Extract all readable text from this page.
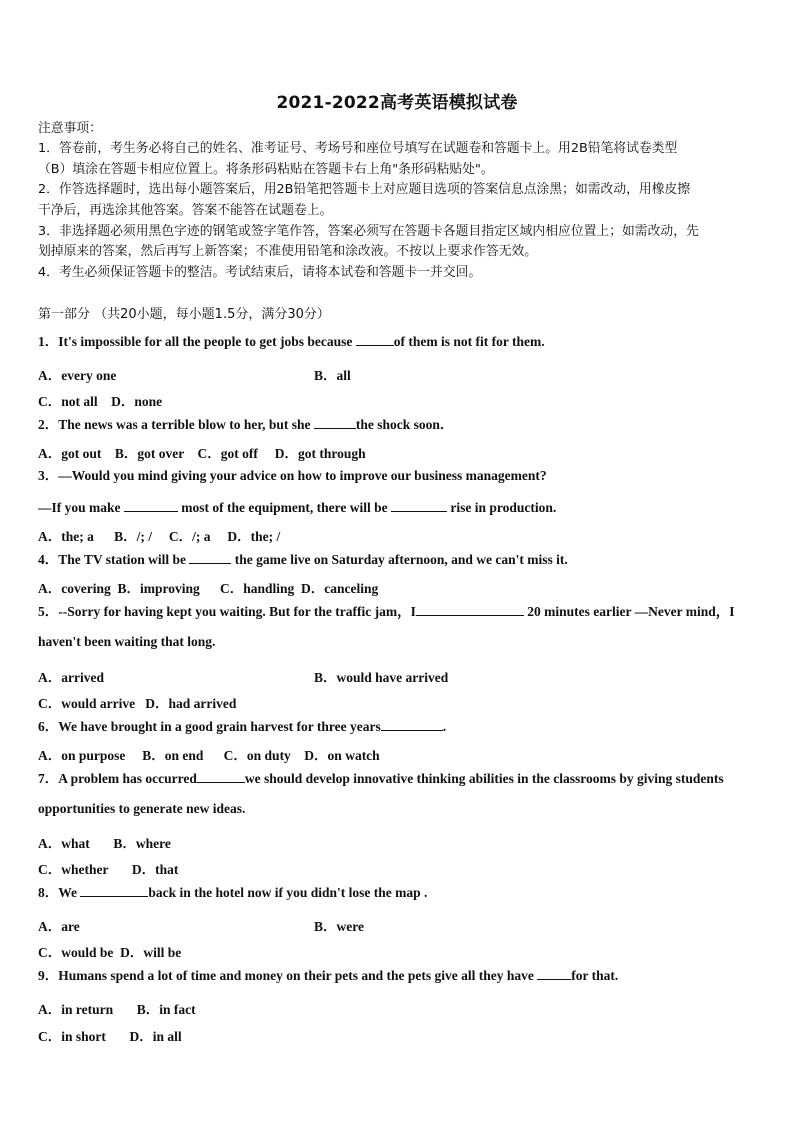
2021-2022高考英语模拟试卷
注意事项：
1．答卷前，考生务必将自己的姓名、准考证号、考场号和座位号填写在试题卷和答题卡上。用2B铅笔将试卷类型
（B）填涂在答题卡相应位置上。将条形码粘贴在答题卡右上角"条形码粘贴处"。
2．作答选择题时，选出每小题答案后，用2B铅笔把答题卡上对应题目选项的答案信息点涂黑；如需改动，用橡皮擦
干净后，再选涂其他答案。答案不能答在试题卷上。
3．非选择题必须用黑色字迹的钢笔或签字笔作答，答案必须写在答题卡各题目指定区域内相应位置上；如需改动，先
划掉原来的答案，然后再写上新答案；不准使用铅笔和涂改液。不按以上要求作答无效。
4．考生必须保证答题卡的整洁。考试结束后，请将本试卷和答题卡一并交回。
第一部分 （共20小题，每小题1.5分，满分30分）
1．It's impossible for all the people to get jobs because	of them is not fit for them.
A．every one	B．all
C．not all D．none
2．The news was a terrible blow to her, but she	the shock soon．
A．got out    B．got over    C．got off     D．got through
3．—Would you mind giving your advice on how to improve our business management?
—If you make	most of the equipment, there will be	rise in production.
A．the; a      B．/; /     C．/; a     D．the; /
4．The TV station will be	the game live on Saturday afternoon, and we can't miss it.
A．covering  B．improving      C．handling  D．canceling
5．--Sorry for having kept you waiting. But for the traffic jam，I	20 minutes earlier —Never mind，I
haven't been waiting that long.
A．arrived	B．would have arrived
C．would arrive   D．had arrived
6．We have brought in a good grain harvest for three years	.
A．on purpose     B．on end      C．on duty    D．on watch
7．A problem has occurred	we should develop innovative thinking abilities in the classrooms by giving students
opportunities to generate new ideas.
A．what       B．where
C．whether       D．that
8．We	back in the hotel now if you didn't lose the map .
A．are	B．were
C．would be  D．will be
9．Humans spend a lot of time and money on their pets and the pets give all they have	for that.
A．in return       B．in fact
C．in short       D．in all
